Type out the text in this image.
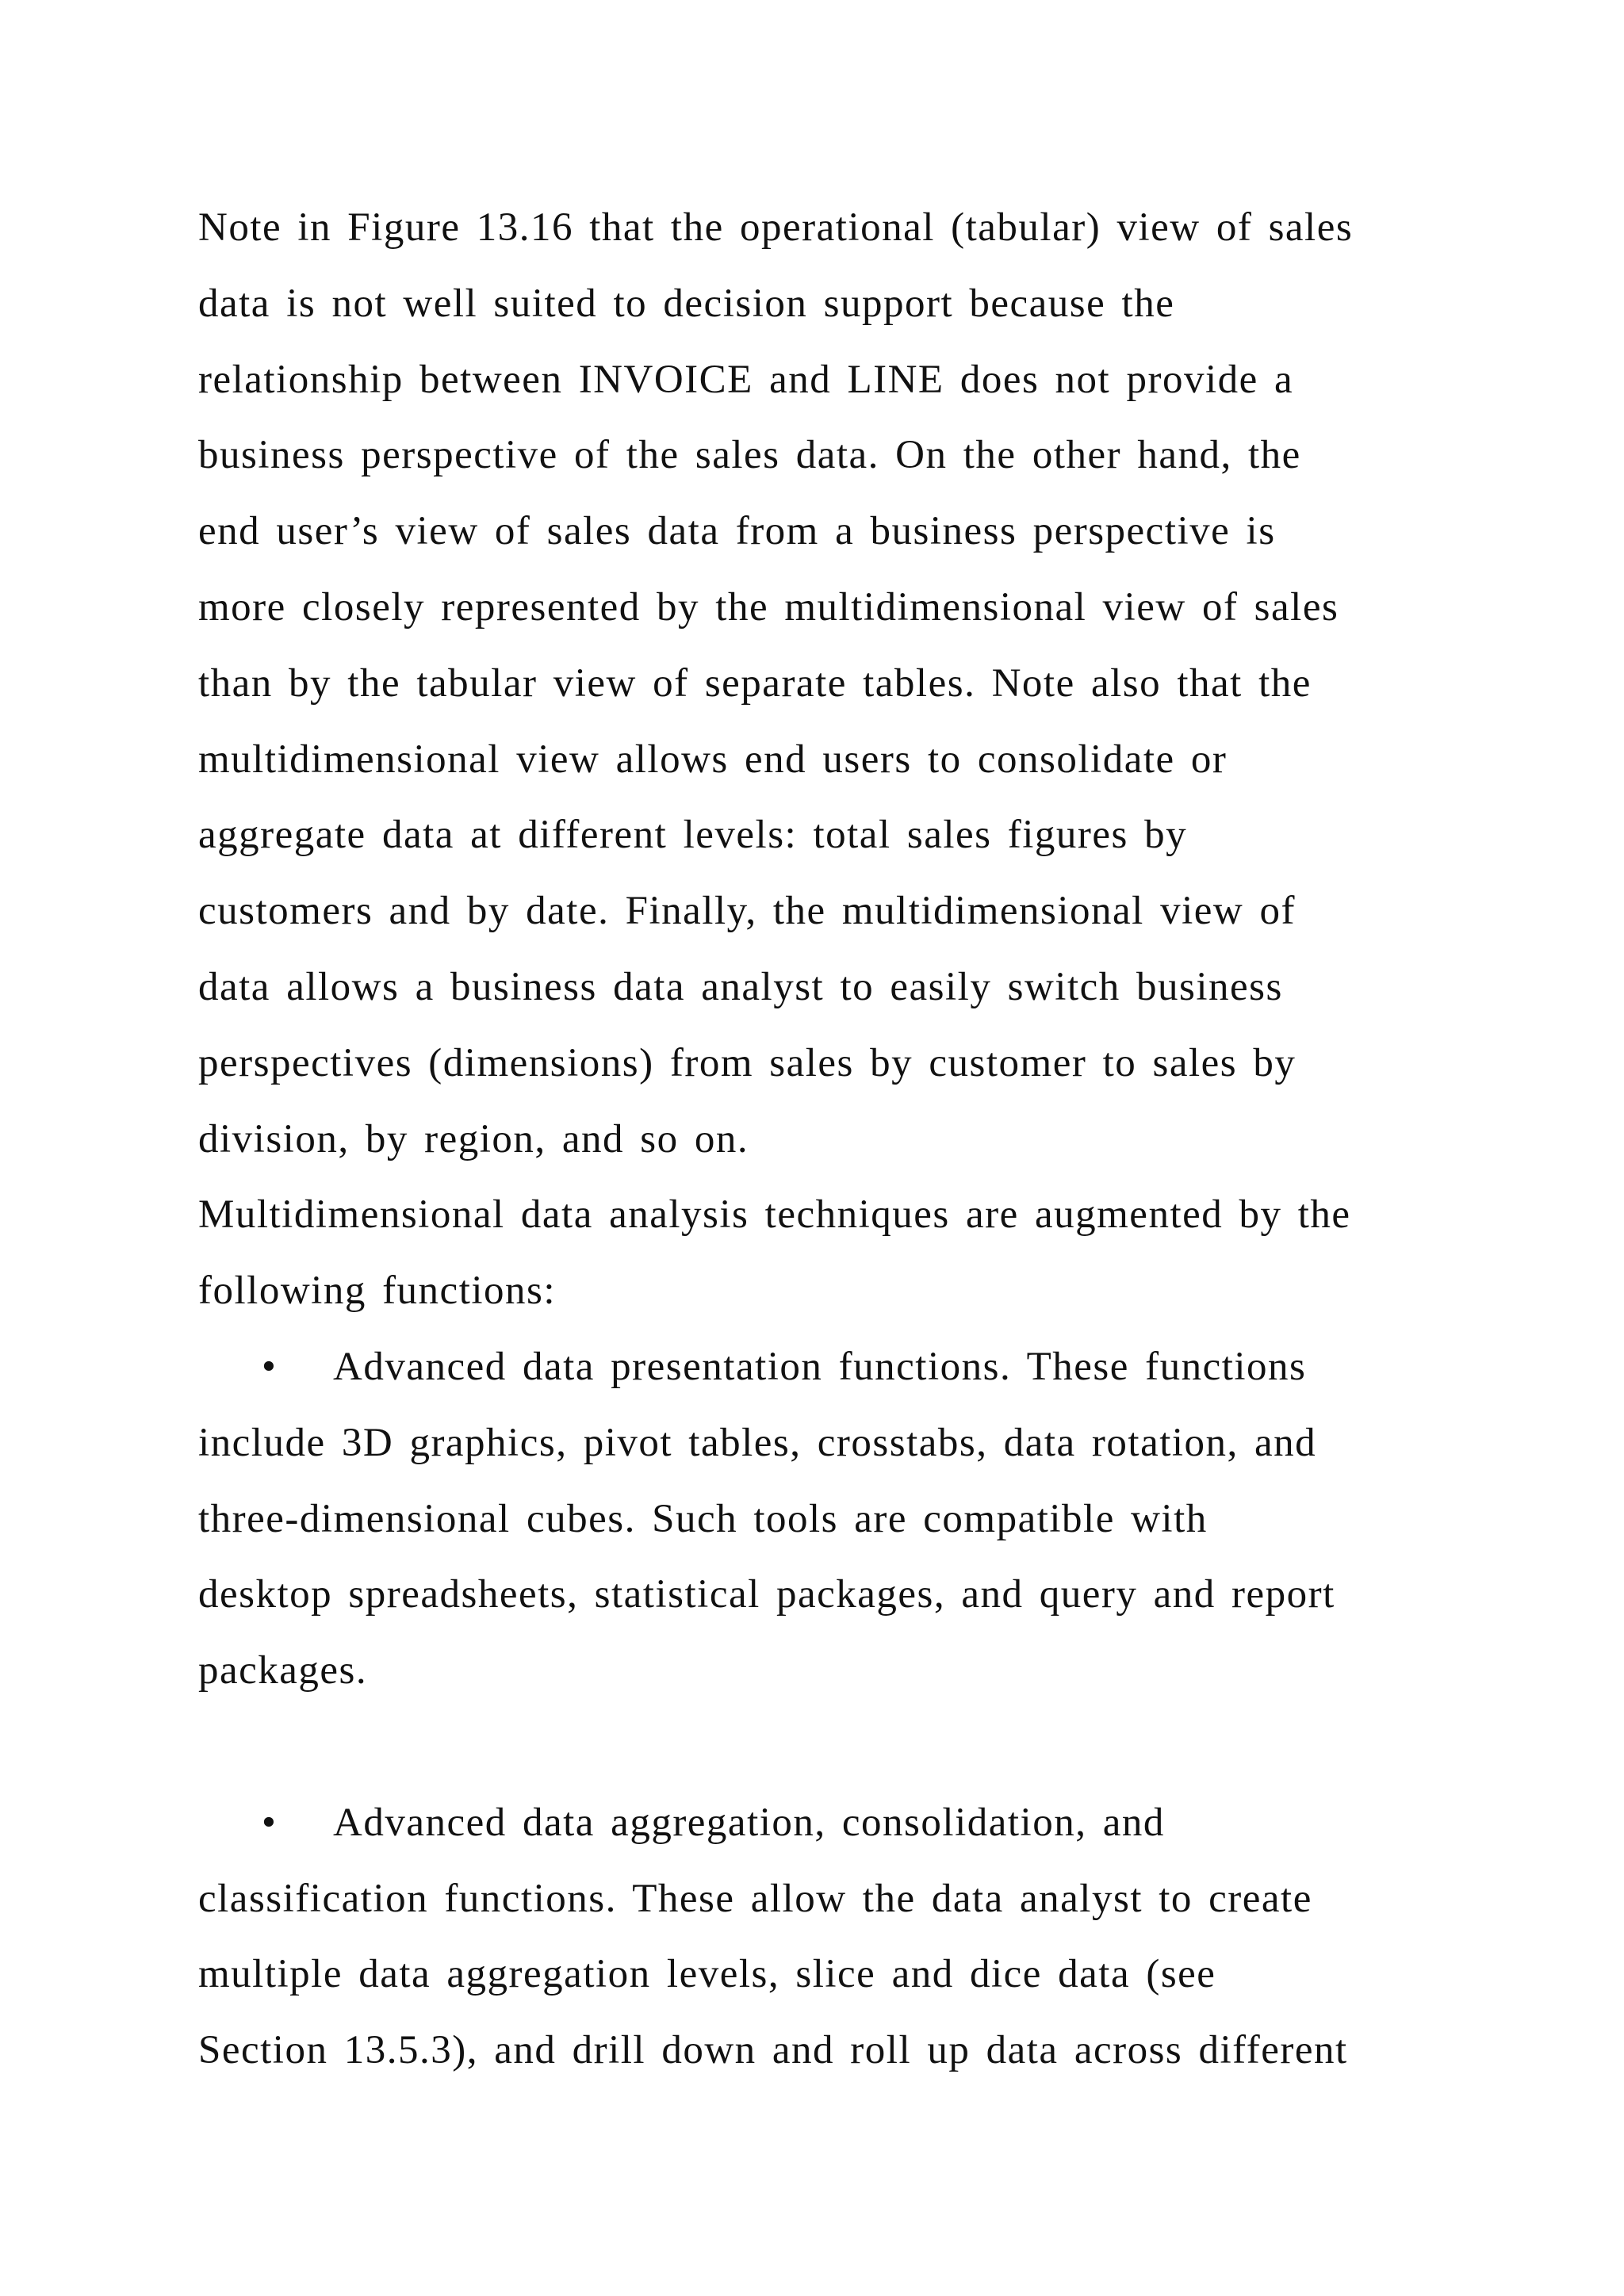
Note in Figure 13.16 that the operational (tabular) view of sales
data is not well suited to decision support because the
relationship between INVOICE and LINE does not provide a
business perspective of the sales data. On the other hand, the
end user’s view of sales data from a business perspective is
more closely represented by the multidimensional view of sales
than by the tabular view of separate tables. Note also that the
multidimensional view allows end users to consolidate or
aggregate data at different levels: total sales figures by
customers and by date. Finally, the multidimensional view of
data allows a business data analyst to easily switch business
perspectives (dimensions) from sales by customer to sales by
division, by region, and so on.
Multidimensional data analysis techniques are augmented by the
following functions:
• Advanced data presentation functions. These functions
include 3D graphics, pivot tables, crosstabs, data rotation, and
three-dimensional cubes. Such tools are compatible with
desktop spreadsheets, statistical packages, and query and report
packages.
• Advanced data aggregation, consolidation, and
classification functions. These allow the data analyst to create
multiple data aggregation levels, slice and dice data (see
Section 13.5.3), and drill down and roll up data across different
